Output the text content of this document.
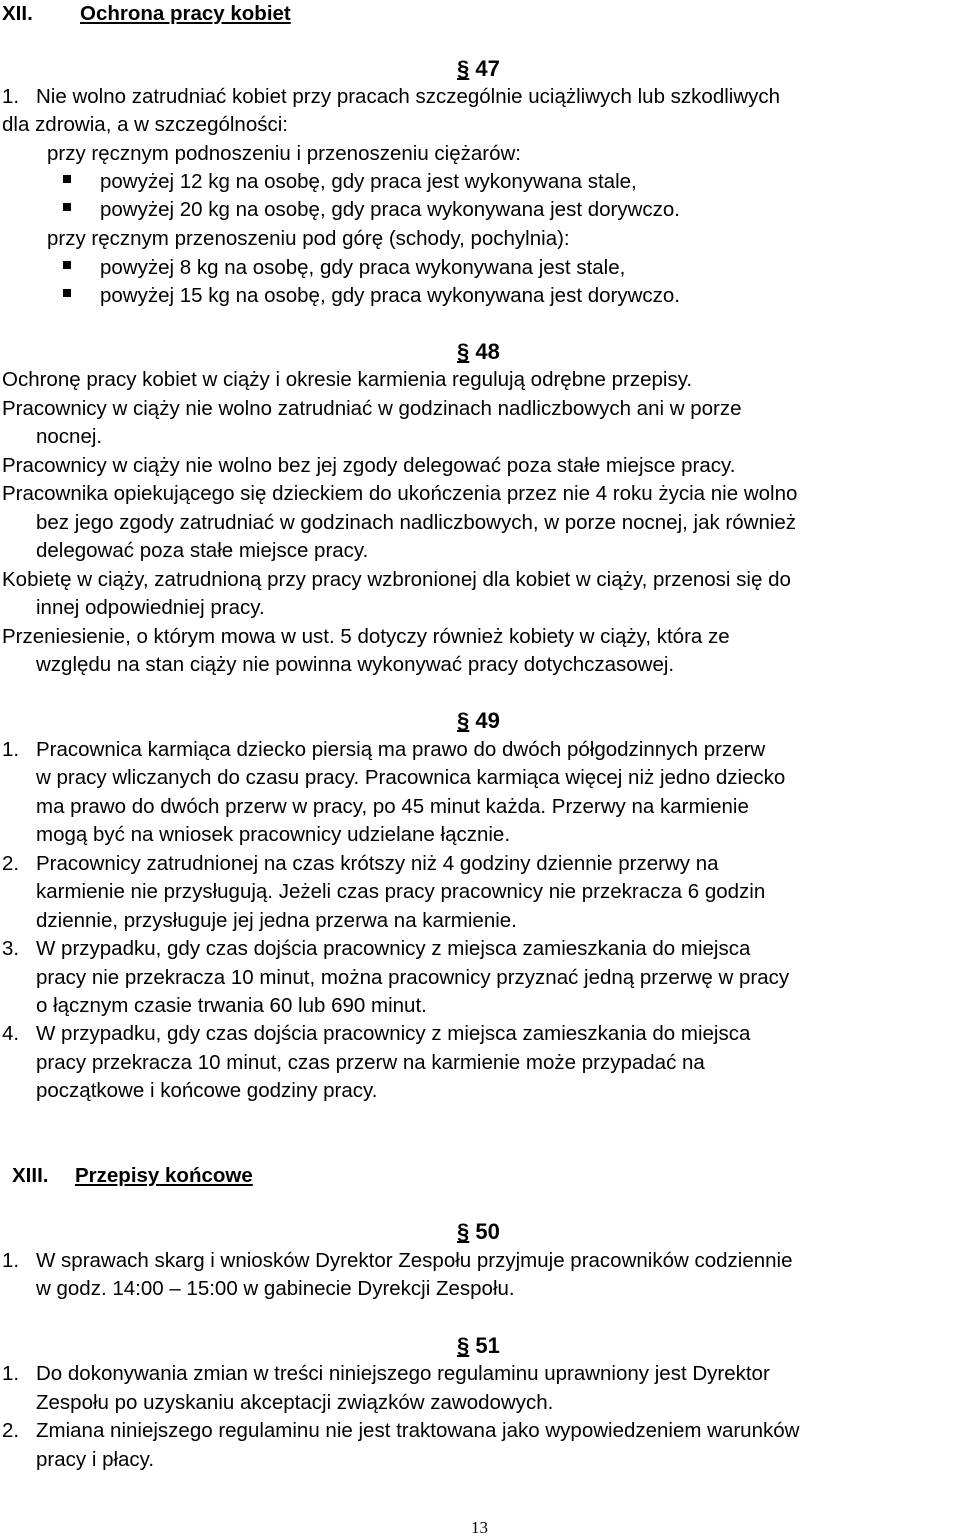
XII. Ochrona pracy kobiet
§ 47
1. Nie wolno zatrudniać kobiet przy pracach szczególnie uciążliwych lub szkodliwych
dla zdrowia, a w szczególności:
przy ręcznym podnoszeniu i przenoszeniu ciężarów:
powyżej 12 kg na osobę, gdy praca jest wykonywana stale,
powyżej 20 kg na osobę, gdy praca wykonywana jest dorywczo.
przy ręcznym przenoszeniu pod górę (schody, pochylnia):
powyżej 8 kg na osobę, gdy praca wykonywana jest stale,
powyżej 15 kg na osobę, gdy praca wykonywana jest dorywczo.
§ 48
Ochronę pracy kobiet w ciąży i okresie karmienia regulują odrębne przepisy.
Pracownicy w ciąży nie wolno zatrudniać w godzinach nadliczbowych ani w porze
nocnej.
Pracownicy w ciąży nie wolno bez jej zgody delegować poza stałe miejsce pracy.
Pracownika opiekującego się dzieckiem do ukończenia przez nie 4 roku życia nie wolno
bez jego zgody zatrudniać w godzinach nadliczbowych, w porze nocnej, jak również
delegować poza stałe miejsce pracy.
Kobietę w ciąży, zatrudnioną przy pracy wzbronionej dla kobiet w ciąży, przenosi się do
innej odpowiedniej pracy.
Przeniesienie, o którym mowa w ust. 5 dotyczy również kobiety w ciąży, która ze
względu na stan ciąży nie powinna wykonywać pracy dotychczasowej.
§ 49
1. Pracownica karmiąca dziecko piersią ma prawo do dwóch półgodzinnych przerw
w pracy wliczanych do czasu pracy. Pracownica karmiąca więcej niż jedno dziecko
ma prawo do dwóch przerw w pracy, po 45 minut każda. Przerwy na karmienie
mogą być na wniosek pracownicy udzielane łącznie.
2. Pracownicy zatrudnionej na czas krótszy niż 4 godziny dziennie przerwy na
karmienie nie przysługują. Jeżeli czas pracy pracownicy nie przekracza 6 godzin
dziennie, przysługuje jej jedna przerwa na karmienie.
3. W przypadku, gdy czas dojścia pracownicy z miejsca zamieszkania do miejsca
pracy nie przekracza 10 minut, można pracownicy przyznać jedną przerwę w pracy
o łącznym czasie trwania 60 lub 690 minut.
4. W przypadku, gdy czas dojścia pracownicy z miejsca zamieszkania do miejsca
pracy przekracza 10 minut, czas przerw na karmienie może przypadać na
początkowe i końcowe godziny pracy.
XIII. Przepisy końcowe
§ 50
1. W sprawach skarg i wniosków Dyrektor Zespołu przyjmuje pracowników codziennie
w godz. 14:00 – 15:00 w gabinecie Dyrekcji Zespołu.
§ 51
1. Do dokonywania zmian w treści niniejszego regulaminu uprawniony jest Dyrektor
Zespołu po uzyskaniu akceptacji związków zawodowych.
2. Zmiana niniejszego regulaminu nie jest traktowana jako wypowiedzeniem warunków
pracy i płacy.
13
